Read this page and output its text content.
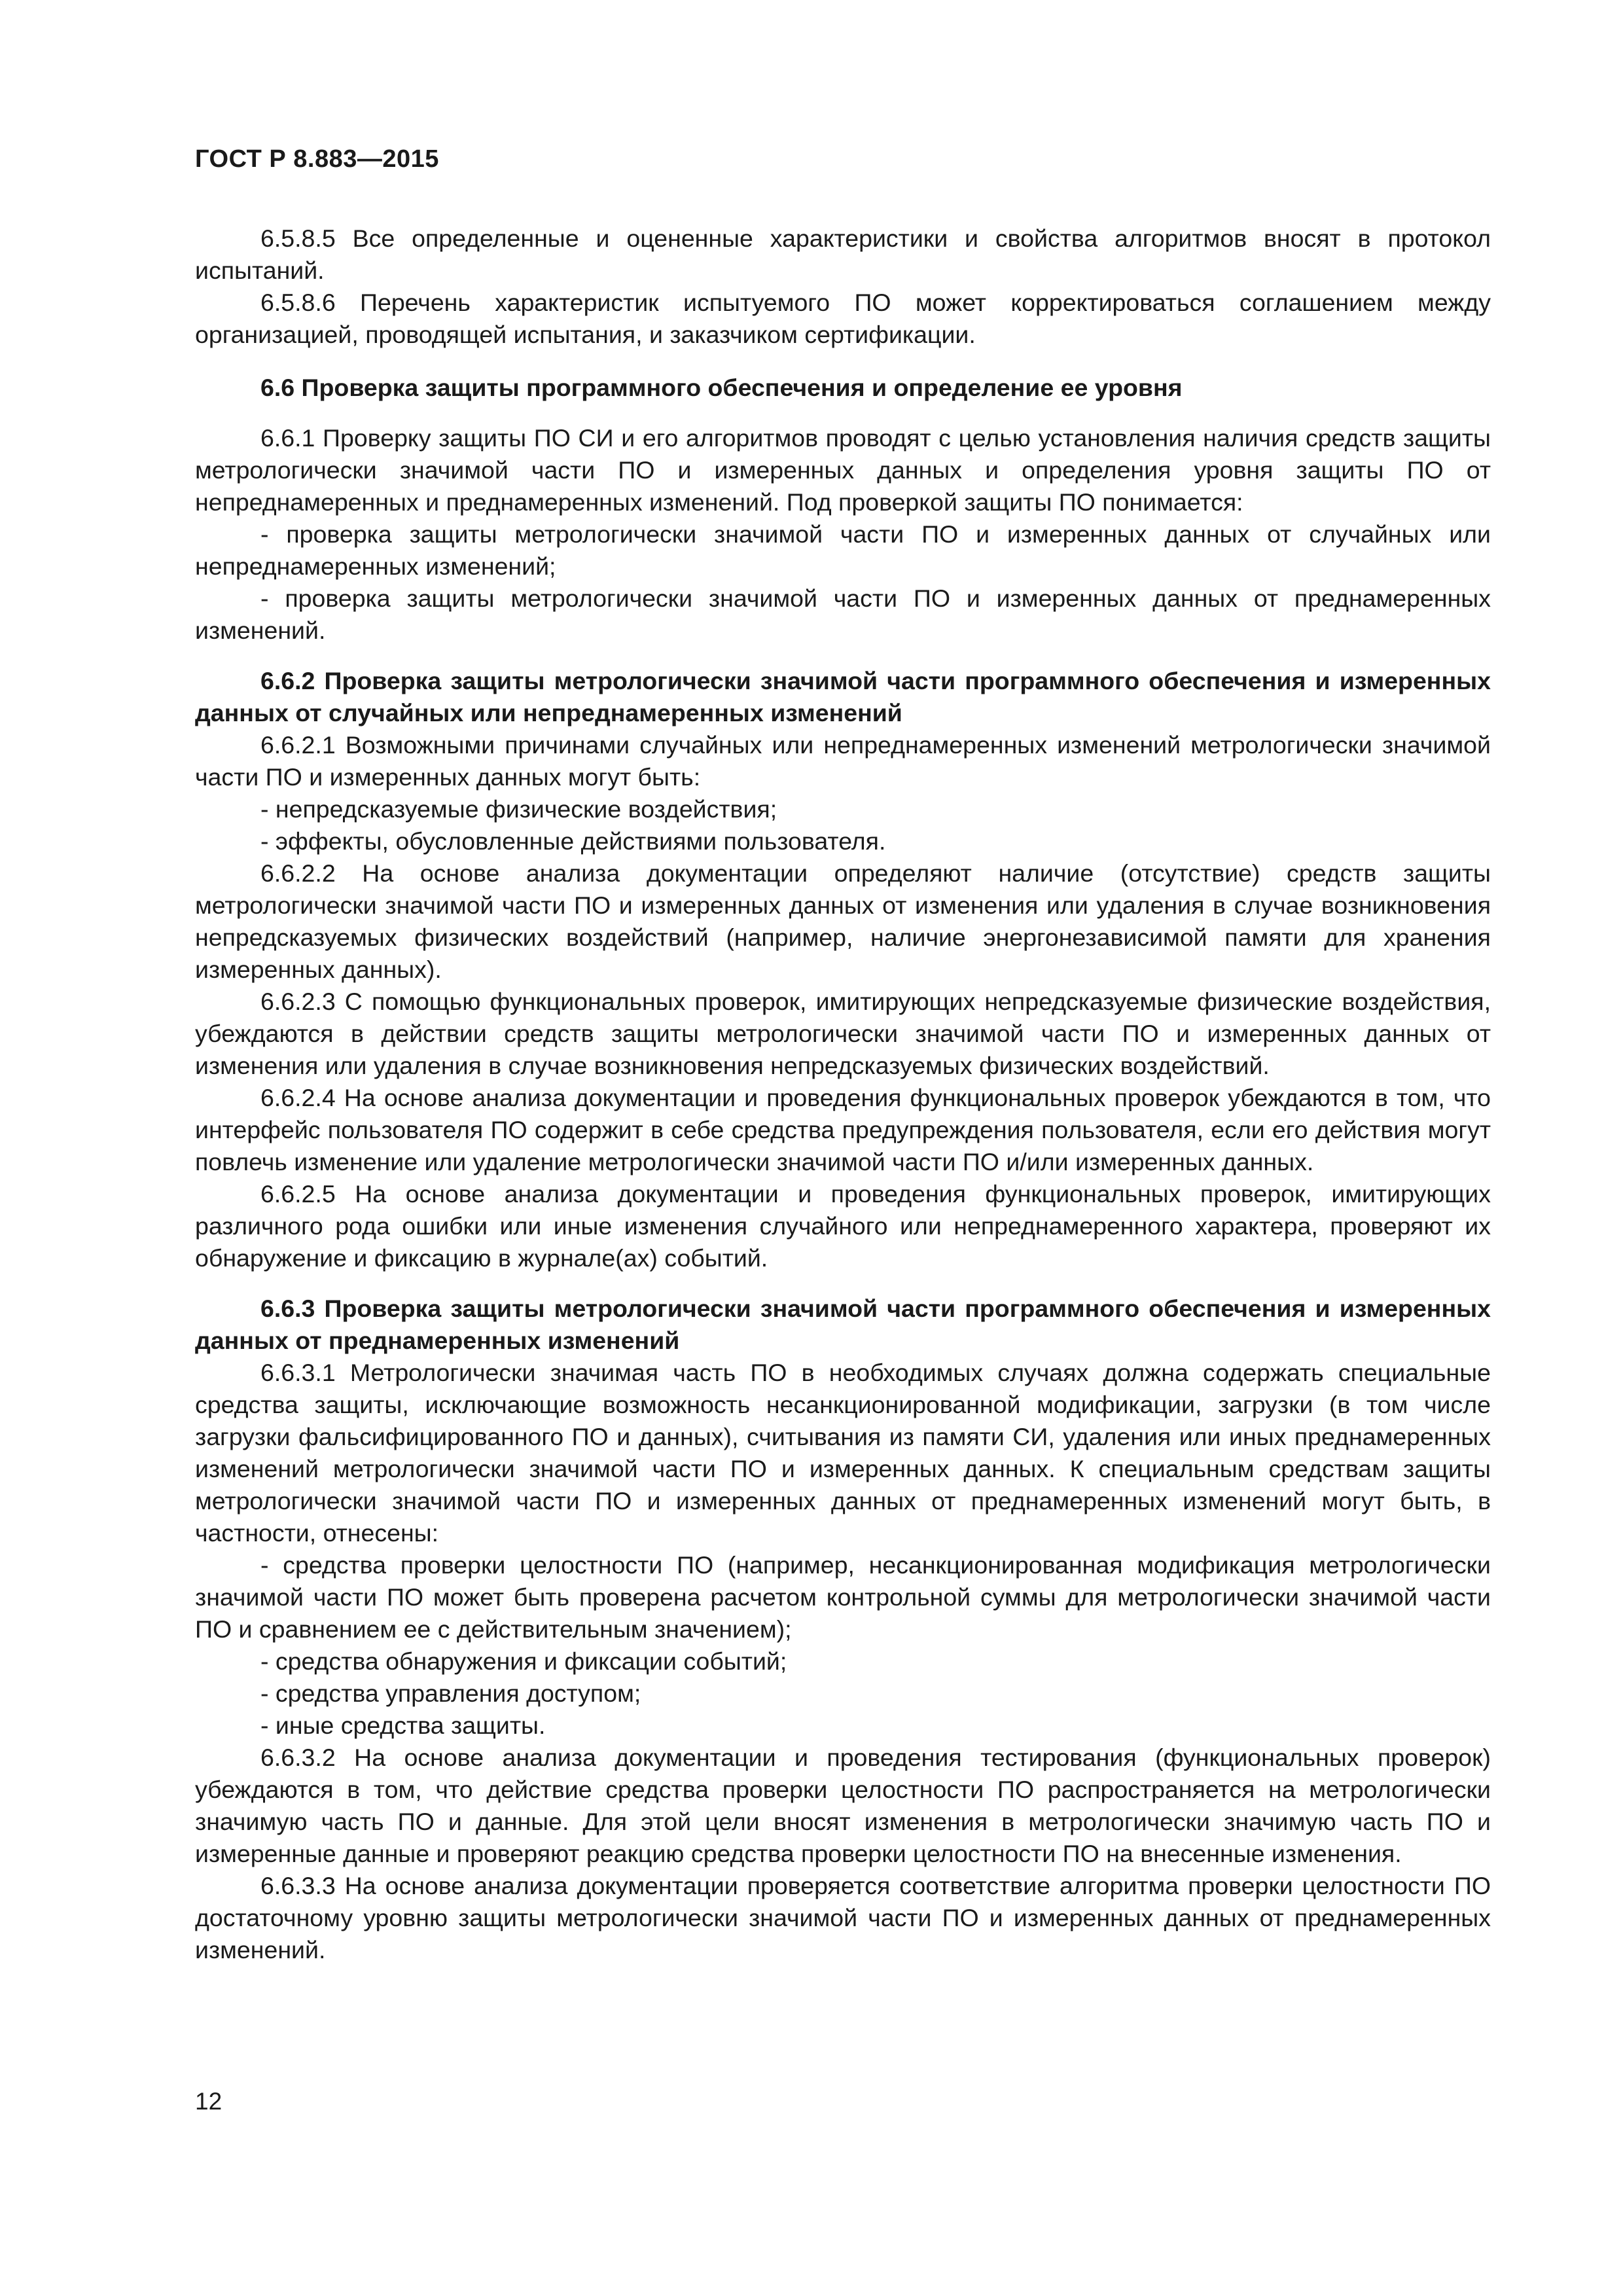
ГОСТ Р 8.883—2015

6.5.8.5 Все определенные и оцененные характеристики и свойства алгоритмов вносят в протокол испытаний.

6.5.8.6 Перечень характеристик испытуемого ПО может корректироваться соглашением между организацией, проводящей испытания, и заказчиком сертификации.

6.6 Проверка защиты программного обеспечения и определение ее уровня

6.6.1 Проверку защиты ПО СИ и его алгоритмов проводят с целью установления наличия средств защиты метрологически значимой части ПО и измеренных данных и определения уровня защиты ПО от непреднамеренных и преднамеренных изменений. Под проверкой защиты ПО понимается:

- проверка защиты метрологически значимой части ПО и измеренных данных от случайных или непреднамеренных изменений;

- проверка защиты метрологически значимой части ПО и измеренных данных от преднамеренных изменений.

6.6.2 Проверка защиты метрологически значимой части программного обеспечения и измеренных данных от случайных или непреднамеренных изменений

6.6.2.1 Возможными причинами случайных или непреднамеренных изменений метрологически значимой части ПО и измеренных данных могут быть:

- непредсказуемые физические воздействия;

- эффекты, обусловленные действиями пользователя.

6.6.2.2 На основе анализа документации определяют наличие (отсутствие) средств защиты метрологически значимой части ПО и измеренных данных от изменения или удаления в случае возникновения непредсказуемых физических воздействий (например, наличие энергонезависимой памяти для хранения измеренных данных).

6.6.2.3 С помощью функциональных проверок, имитирующих непредсказуемые физические воздействия, убеждаются в действии средств защиты метрологически значимой части ПО и измеренных данных от изменения или удаления в случае возникновения непредсказуемых физических воздействий.

6.6.2.4 На основе анализа документации и проведения функциональных проверок убеждаются в том, что интерфейс пользователя ПО содержит в себе средства предупреждения пользователя, если его действия могут повлечь изменение или удаление метрологически значимой части ПО и/или измеренных данных.

6.6.2.5 На основе анализа документации и проведения функциональных проверок, имитирующих различного рода ошибки или иные изменения случайного или непреднамеренного характера, проверяют их обнаружение и фиксацию в журнале(ах) событий.

6.6.3 Проверка защиты метрологически значимой части программного обеспечения и измеренных данных от преднамеренных изменений

6.6.3.1 Метрологически значимая часть ПО в необходимых случаях должна содержать специальные средства защиты, исключающие возможность несанкционированной модификации, загрузки (в том числе загрузки фальсифицированного ПО и данных), считывания из памяти СИ, удаления или иных преднамеренных изменений метрологически значимой части ПО и измеренных данных. К специальным средствам защиты метрологически значимой части ПО и измеренных данных от преднамеренных изменений могут быть, в частности, отнесены:

- средства проверки целостности ПО (например, несанкционированная модификация метрологически значимой части ПО может быть проверена расчетом контрольной суммы для метрологически значимой части ПО и сравнением ее с действительным значением);

- средства обнаружения и фиксации событий;

- средства управления доступом;

- иные средства защиты.

6.6.3.2 На основе анализа документации и проведения тестирования (функциональных проверок) убеждаются в том, что действие средства проверки целостности ПО распространяется на метрологически значимую часть ПО и данные. Для этой цели вносят изменения в метрологически значимую часть ПО и измеренные данные и проверяют реакцию средства проверки целостности ПО на внесенные изменения.

6.6.3.3 На основе анализа документации проверяется соответствие алгоритма проверки целостности ПО достаточному уровню защиты метрологически значимой части ПО и измеренных данных от преднамеренных изменений.

12
